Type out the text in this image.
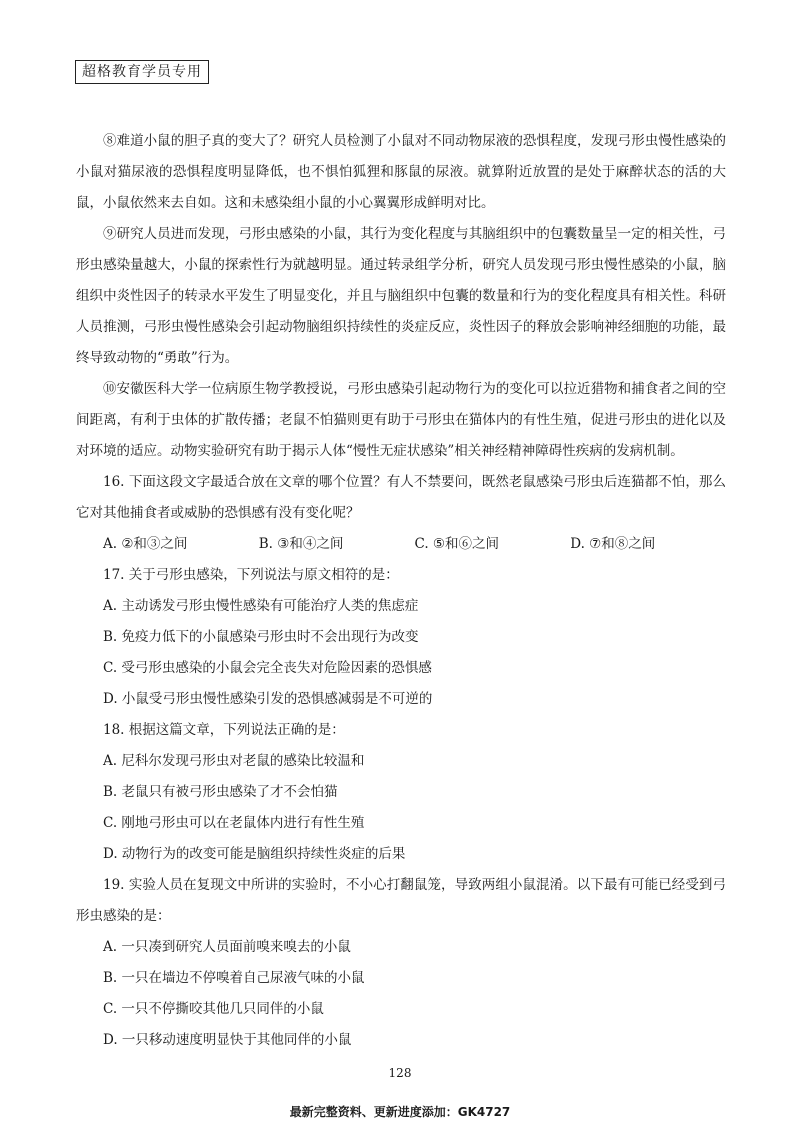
超格教育学员专用

⑧难道小鼠的胆子真的变大了？研究人员检测了小鼠对不同动物尿液的恐惧程度，发现弓形虫慢性感染的小鼠对猫尿液的恐惧程度明显降低，也不惧怕狐狸和豚鼠的尿液。就算附近放置的是处于麻醉状态的活的大鼠，小鼠依然来去自如。这和未感染组小鼠的小心翼翼形成鲜明对比。

⑨研究人员进而发现，弓形虫感染的小鼠，其行为变化程度与其脑组织中的包囊数量呈一定的相关性，弓形虫感染量越大，小鼠的探索性行为就越明显。通过转录组学分析，研究人员发现弓形虫慢性感染的小鼠，脑组织中炎性因子的转录水平发生了明显变化，并且与脑组织中包囊的数量和行为的变化程度具有相关性。科研人员推测，弓形虫慢性感染会引起动物脑组织持续性的炎症反应，炎性因子的释放会影响神经细胞的功能，最终导致动物的“勇敢”行为。

⑩安徽医科大学一位病原生物学教授说，弓形虫感染引起动物行为的变化可以拉近猎物和捕食者之间的空间距离，有利于虫体的扩散传播；老鼠不怕猫则更有助于弓形虫在猫体内的有性生殖，促进弓形虫的进化以及对环境的适应。动物实验研究有助于揭示人体“慢性无症状感染”相关神经精神障碍性疾病的发病机制。

16. 下面这段文字最适合放在文章的哪个位置？有人不禁要问，既然老鼠感染弓形虫后连猫都不怕，那么它对其他捕食者或威胁的恐惧感有没有变化呢？

A. ②和③之间	B. ③和④之间	C. ⑤和⑥之间	D. ⑦和⑧之间

17. 关于弓形虫感染，下列说法与原文相符的是：

A. 主动诱发弓形虫慢性感染有可能治疗人类的焦虑症

B. 免疫力低下的小鼠感染弓形虫时不会出现行为改变

C. 受弓形虫感染的小鼠会完全丧失对危险因素的恐惧感

D. 小鼠受弓形虫慢性感染引发的恐惧感减弱是不可逆的

18. 根据这篇文章，下列说法正确的是：

A. 尼科尔发现弓形虫对老鼠的感染比较温和

B. 老鼠只有被弓形虫感染了才不会怕猫

C. 刚地弓形虫可以在老鼠体内进行有性生殖

D. 动物行为的改变可能是脑组织持续性炎症的后果

19. 实验人员在复现文中所讲的实验时，不小心打翻鼠笼，导致两组小鼠混淆。以下最有可能已经受到弓形虫感染的是：

A. 一只凑到研究人员面前嗅来嗅去的小鼠

B. 一只在墙边不停嗅着自己尿液气味的小鼠

C. 一只不停撕咬其他几只同伴的小鼠

D. 一只移动速度明显快于其他同伴的小鼠

128
最新完整资料、更新进度添加：GK4727
